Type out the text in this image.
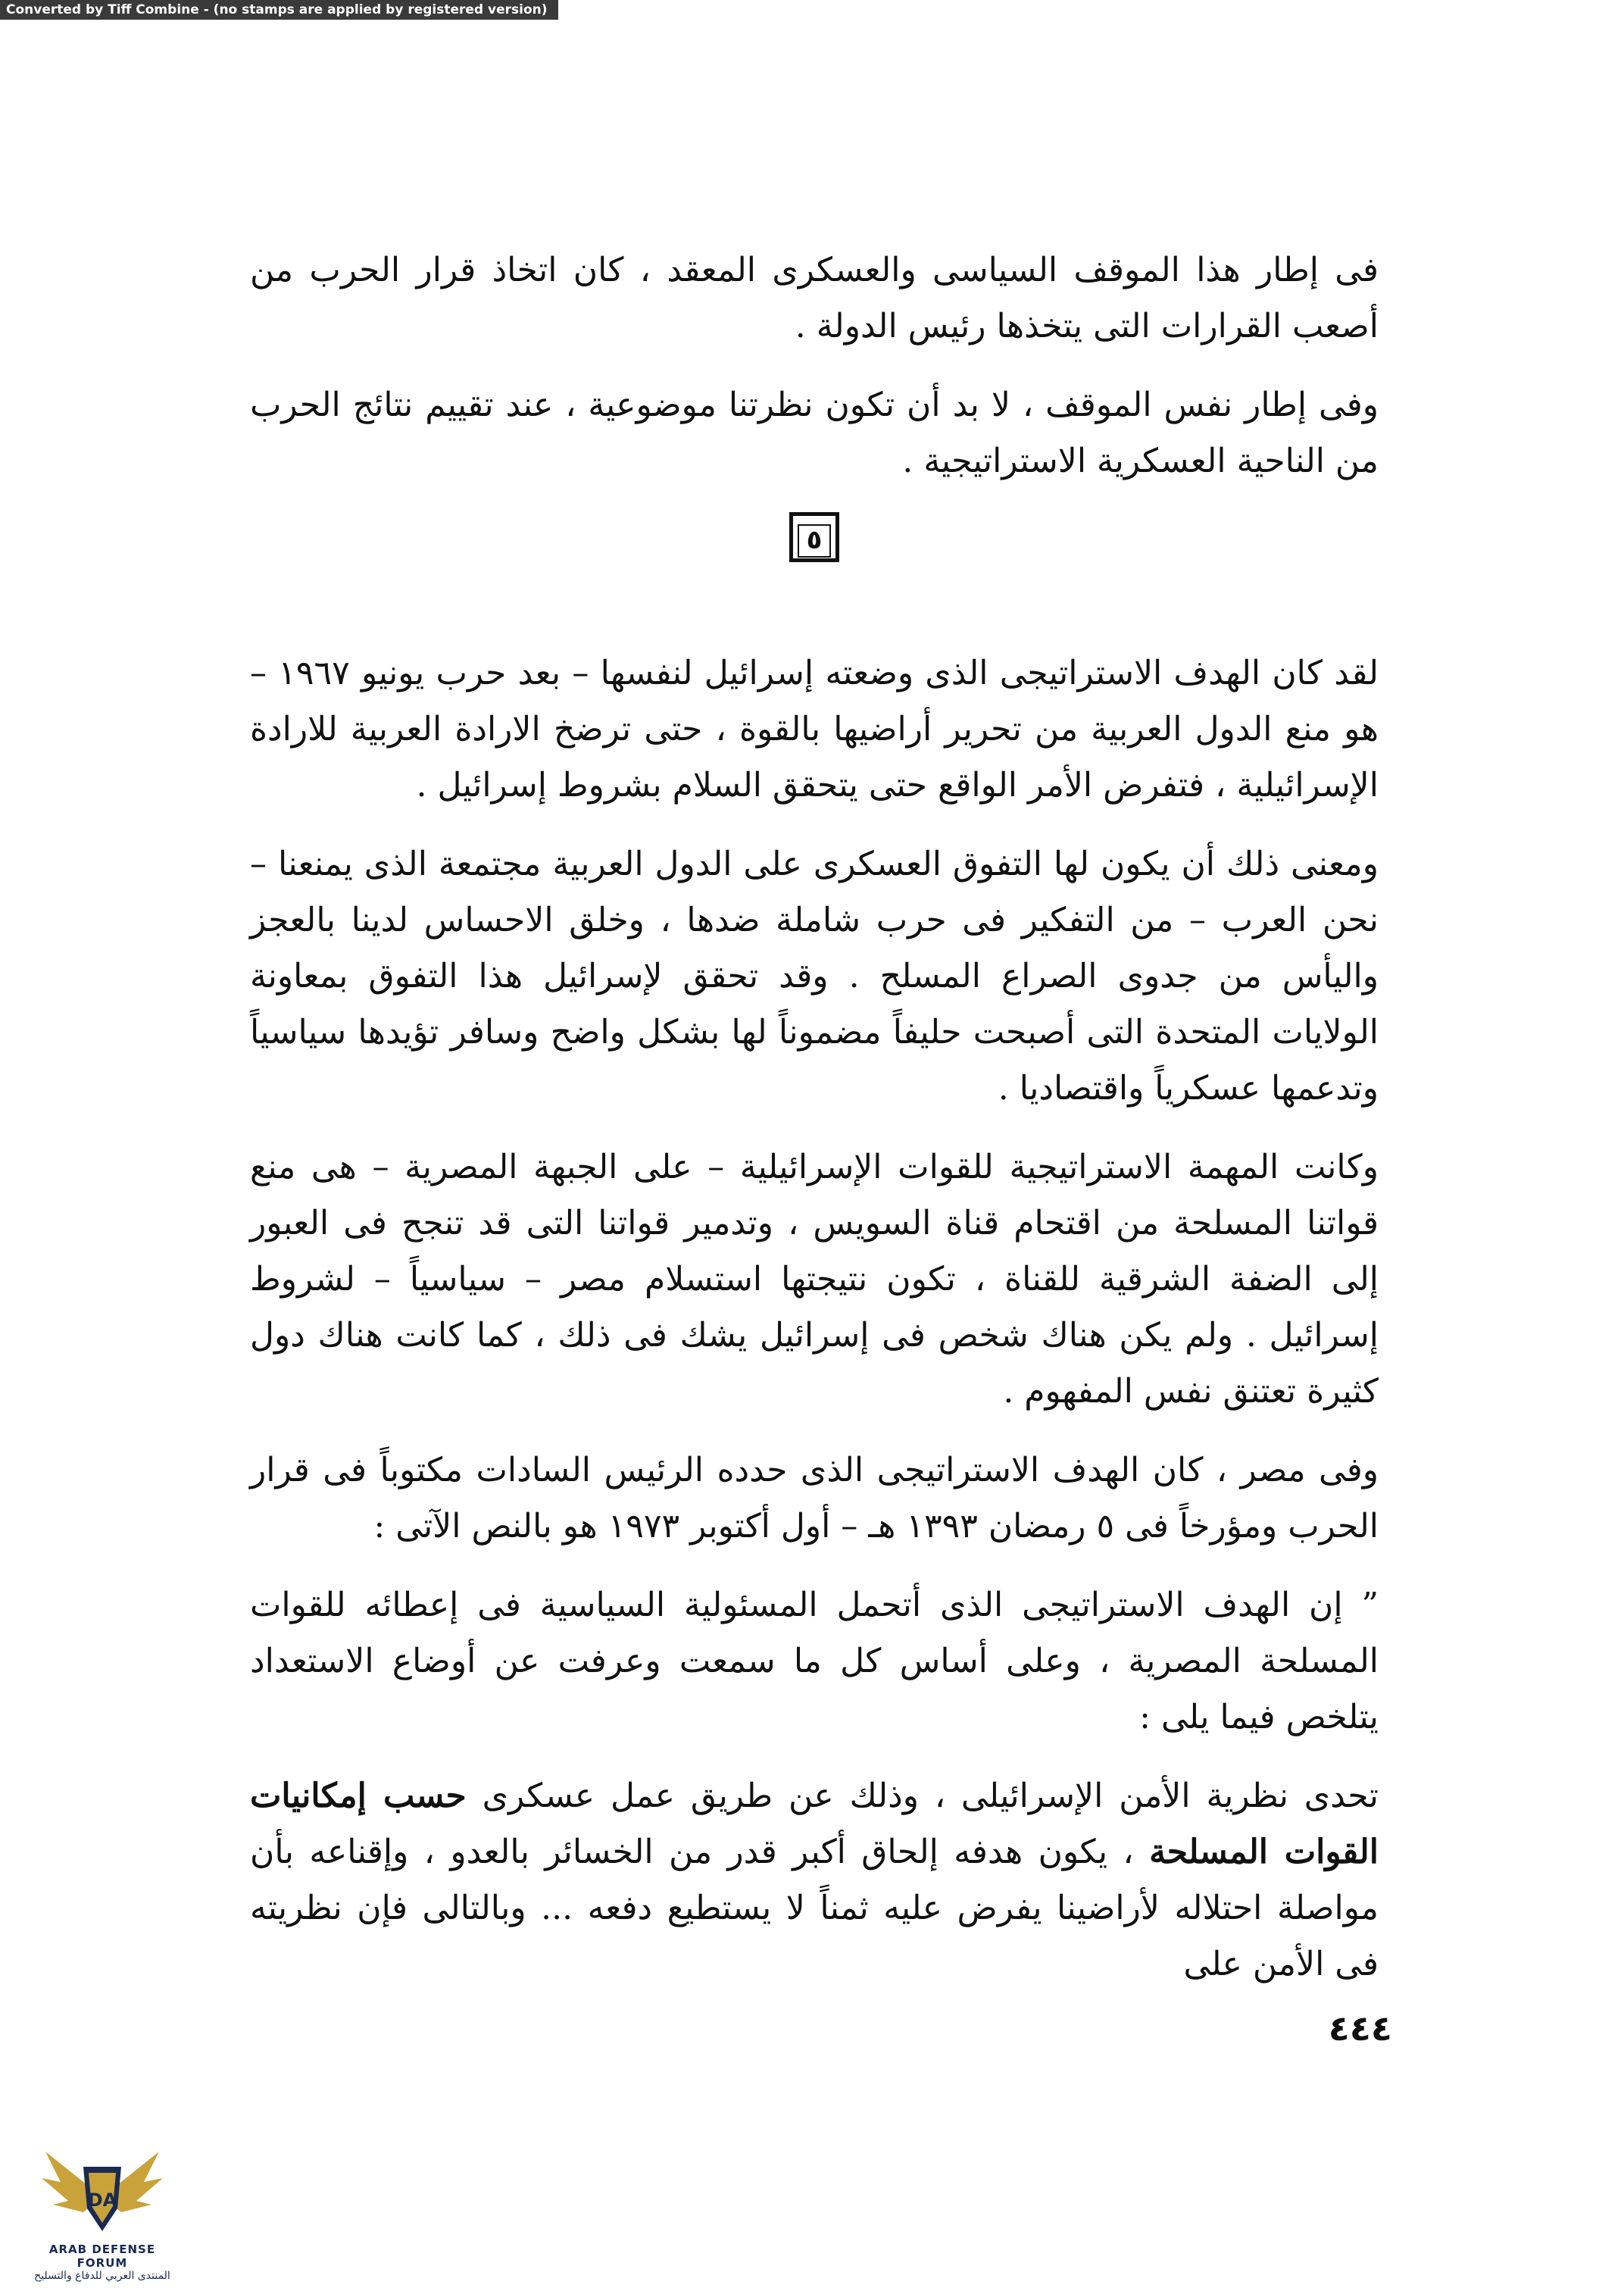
Converted by Tiff Combine - (no stamps are applied by registered version)

فى إطار هذا الموقف السياسى والعسكرى المعقد ، كان اتخاذ قرار الحرب من أصعب القرارات التى يتخذها رئيس الدولة .

وفى إطار نفس الموقف ، لا بد أن تكون نظرتنا موضوعية ، عند تقييم نتائج الحرب من الناحية العسكرية الاستراتيجية .

٥

لقد كان الهدف الاستراتيجى الذى وضعته إسرائيل لنفسها – بعد حرب يونيو ١٩٦٧ – هو منع الدول العربية من تحرير أراضيها بالقوة ، حتى ترضخ الارادة العربية للارادة الإسرائيلية ، فتفرض الأمر الواقع حتى يتحقق السلام بشروط إسرائيل .

ومعنى ذلك أن يكون لها التفوق العسكرى على الدول العربية مجتمعة الذى يمنعنا – نحن العرب – من التفكير فى حرب شاملة ضدها ، وخلق الاحساس لدينا بالعجز واليأس من جدوى الصراع المسلح . وقد تحقق لإسرائيل هذا التفوق بمعاونة الولايات المتحدة التى أصبحت حليفاً مضموناً لها بشكل واضح وسافر تؤيدها سياسياً وتدعمها عسكرياً واقتصاديا .

وكانت المهمة الاستراتيجية للقوات الإسرائيلية – على الجبهة المصرية – هى منع قواتنا المسلحة من اقتحام قناة السويس ، وتدمير قواتنا التى قد تنجح فى العبور إلى الضفة الشرقية للقناة ، تكون نتيجتها استسلام مصر – سياسياً – لشروط إسرائيل . ولم يكن هناك شخص فى إسرائيل يشك فى ذلك ، كما كانت هناك دول كثيرة تعتنق نفس المفهوم .

وفى مصر ، كان الهدف الاستراتيجى الذى حدده الرئيس السادات مكتوباً فى قرار الحرب ومؤرخاً فى ٥ رمضان ١٣٩٣ هـ – أول أكتوبر ١٩٧٣ هو بالنص الآتى :

” إن الهدف الاستراتيجى الذى أتحمل المسئولية السياسية فى إعطائه للقوات المسلحة المصرية ، وعلى أساس كل ما سمعت وعرفت عن أوضاع الاستعداد يتلخص فيما يلى :

تحدى نظرية الأمن الإسرائيلى ، وذلك عن طريق عمل عسكرى حسب إمكانيات القوات المسلحة ، يكون هدفه إلحاق أكبر قدر من الخسائر بالعدو ، وإقناعه بأن مواصلة احتلاله لأراضينا يفرض عليه ثمناً لا يستطيع دفعه ... وبالتالى فإن نظريته فى الأمن على

٤٤٤
DA
ARAB DEFENSE FORUM
المنتدى العربي للدفاع والتسليح
